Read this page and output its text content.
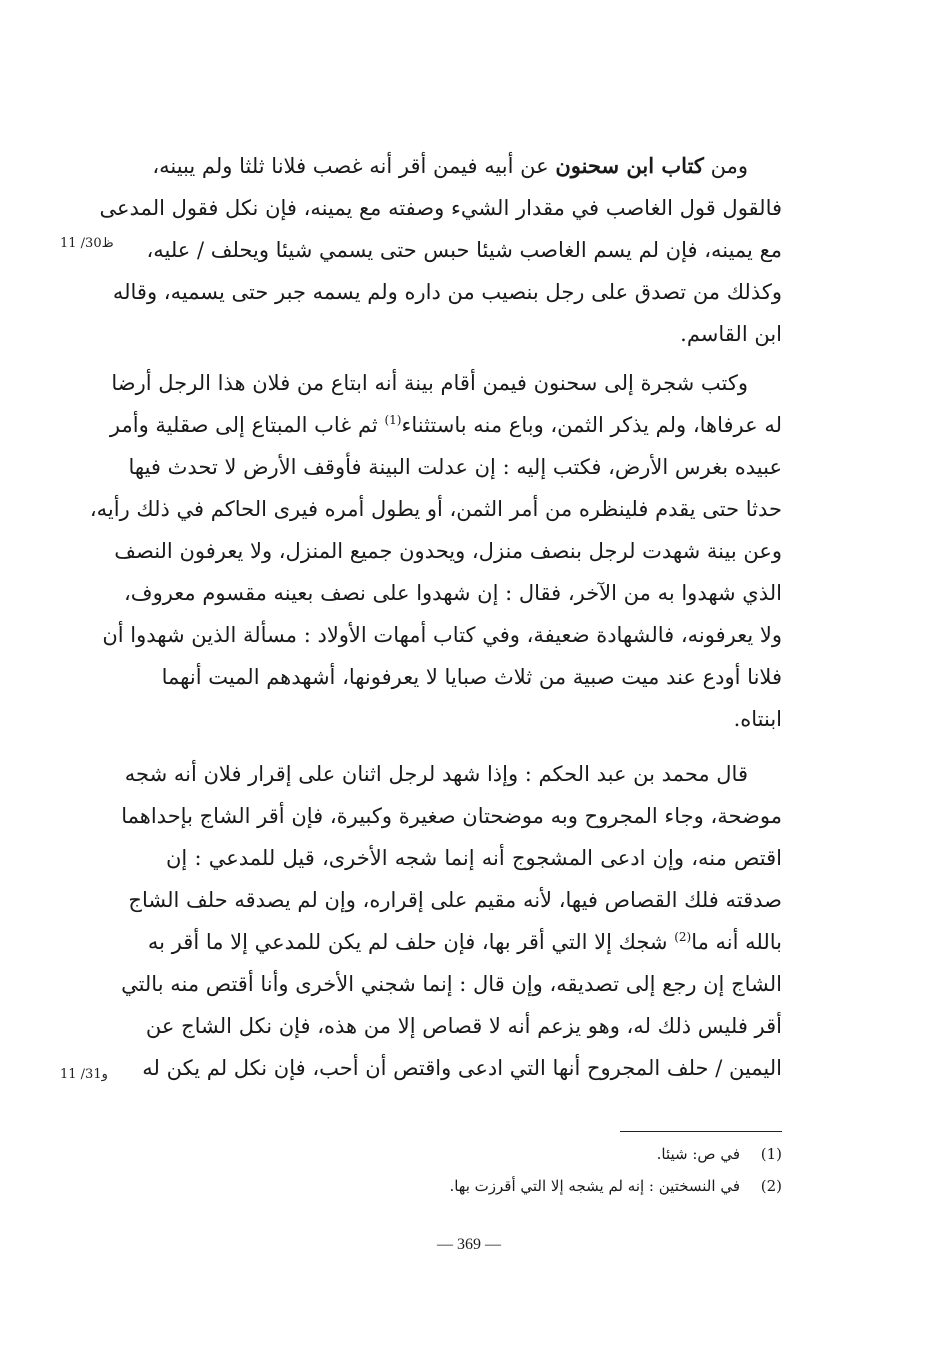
ومن كتاب ابن سحنون عن أبيه فيمن أقر أنه غصب فلانا ثلثا ولم يبينه،
فالقول قول الغاصب في مقدار الشيء وصفته مع يمينه، فإن نكل فقول المدعى
مع يمينه، فإن لم يسم الغاصب شيئا حبس حتى يسمي شيئا ويحلف / عليه،
وكذلك من تصدق على رجل بنصيب من داره ولم يسمه جبر حتى يسميه، وقاله
ابن القاسم.
وكتب شجرة إلى سحنون فيمن أقام بينة أنه ابتاع من فلان هذا الرجل أرضا
له عرفاها، ولم يذكر الثمن، وباع منه باستثناء$^{(1)}$ ثم غاب المبتاع إلى صقلية وأمر
عبيده بغرس الأرض، فكتب إليه : إن عدلت البينة فأوقف الأرض لا تحدث فيها
حدثا حتى يقدم فلينظره من أمر الثمن، أو يطول أمره فيرى الحاكم في ذلك رأيه،
وعن بينة شهدت لرجل بنصف منزل، ويحدون جميع المنزل، ولا يعرفون النصف
الذي شهدوا به من الآخر، فقال : إن شهدوا على نصف بعينه مقسوم معروف،
ولا يعرفونه، فالشهادة ضعيفة، وفي كتاب أمهات الأولاد : مسألة الذين شهدوا أن
فلانا أودع عند ميت صبية من ثلاث صبايا لا يعرفونها، أشهدهم الميت أنهما
ابنتاه.
قال محمد بن عبد الحكم : وإذا شهد لرجل اثنان على إقرار فلان أنه شجه
موضحة، وجاء المجروح وبه موضحتان صغيرة وكبيرة، فإن أقر الشاج بإحداهما
اقتص منه، وإن ادعى المشجوج أنه إنما شجه الأخرى، قيل للمدعي : إن
صدقته فلك القصاص فيها، لأنه مقيم على إقراره، وإن لم يصدقه حلف الشاج
بالله أنه ما$^{(2)}$ شجك إلا التي أقر بها، فإن حلف لم يكن للمدعي إلا ما أقر به
الشاج إن رجع إلى تصديقه، وإن قال : إنما شجني الأخرى وأنا أقتص منه بالتي
أقر فليس ذلك له، وهو يزعم أنه لا قصاص إلا من هذه، فإن نكل الشاج عن
اليمين / حلف المجروح أنها التي ادعى واقتص أن أحب، فإن نكل لم يكن له
11 /30ظ
11 /31و
(1)في ص: شيئا.
(2)في النسختين : إنه لم يشجه إلا التي أقرزت بها.
— 369 —
